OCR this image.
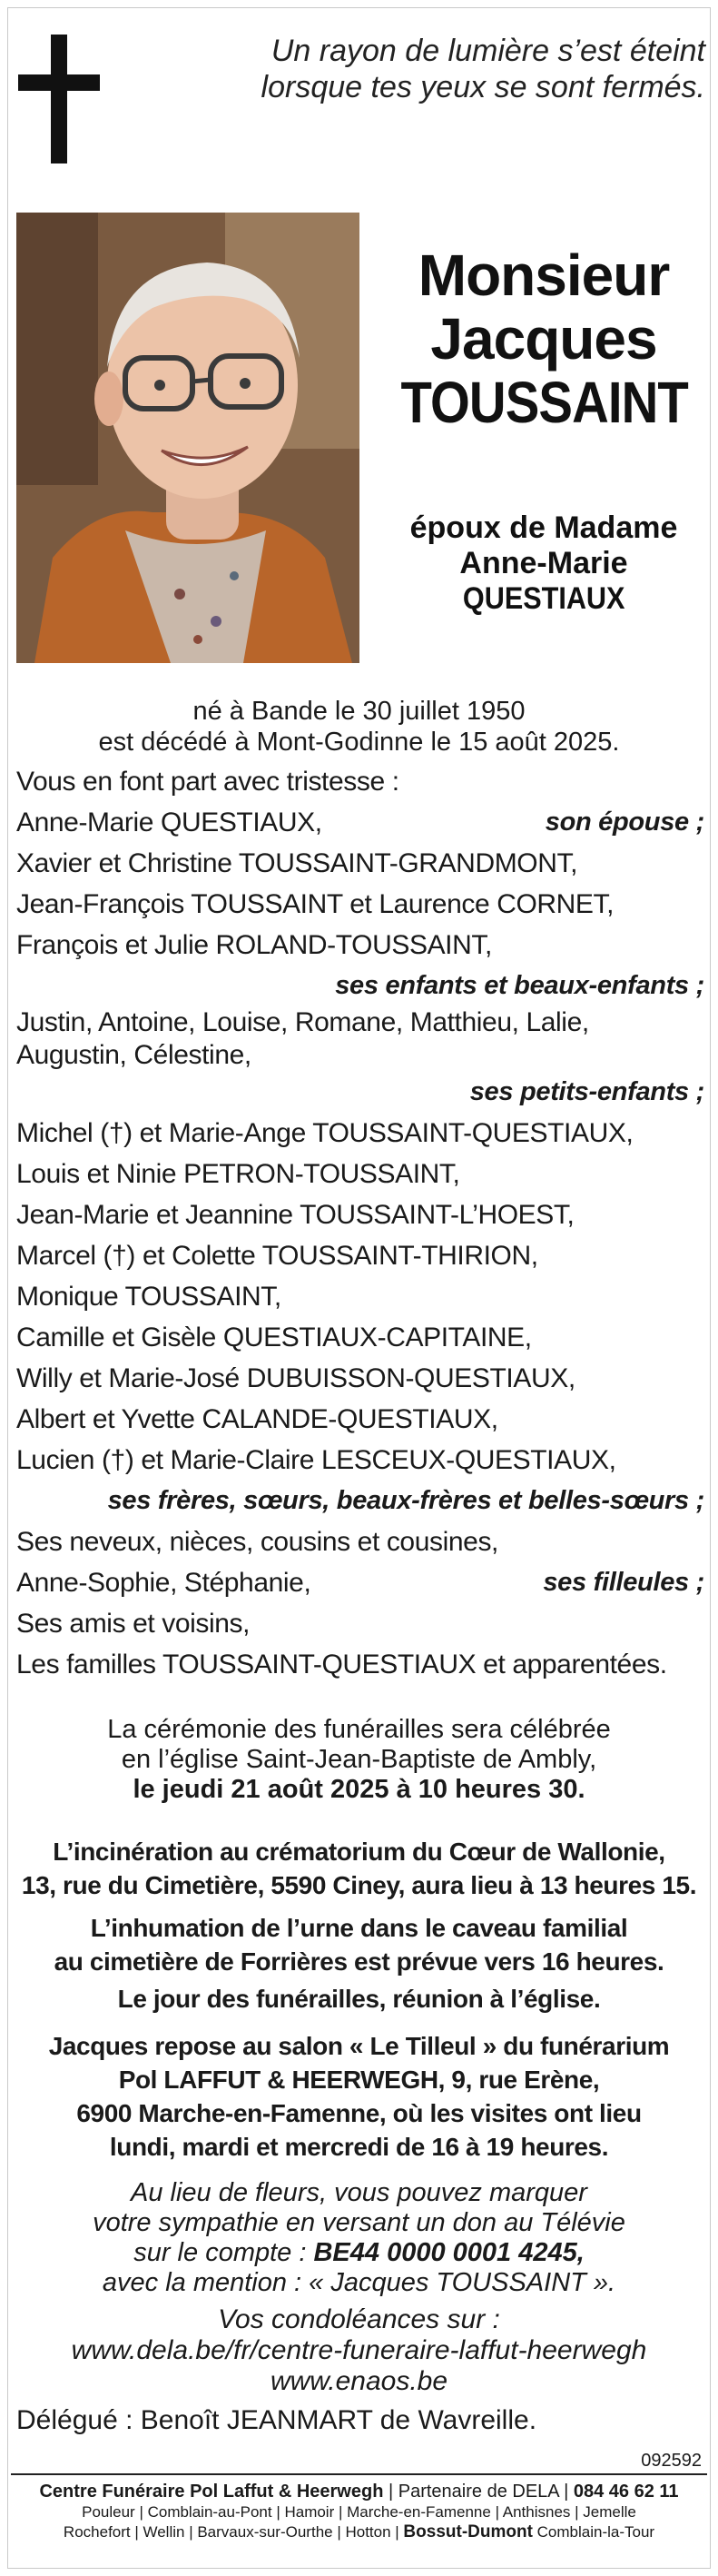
Un rayon de lumière s’est éteint
lorsque tes yeux se sont fermés.
Monsieur
Jacques
TOUSSAINT
époux de Madame
Anne-Marie
QUESTIAUX
né à Bande le 30 juillet 1950
est décédé à Mont-Godinne le 15 août 2025.
Vous en font part avec tristesse :
Anne-Marie QUESTIAUX,	son épouse ;
Xavier et Christine TOUSSAINT-GRANDMONT,
Jean-François TOUSSAINT et Laurence CORNET,
François et Julie ROLAND-TOUSSAINT,
ses enfants et beaux-enfants ;
Justin, Antoine, Louise, Romane, Matthieu, Lalie,
Augustin, Célestine,
ses petits-enfants ;
Michel (†) et Marie-Ange TOUSSAINT-QUESTIAUX,
Louis et Ninie PETRON-TOUSSAINT,
Jean-Marie et Jeannine TOUSSAINT-L’HOEST,
Marcel (†) et Colette TOUSSAINT-THIRION,
Monique TOUSSAINT,
Camille et Gisèle QUESTIAUX-CAPITAINE,
Willy et Marie-José DUBUISSON-QUESTIAUX,
Albert et Yvette CALANDE-QUESTIAUX,
Lucien (†) et Marie-Claire LESCEUX-QUESTIAUX,
ses frères, sœurs, beaux-frères et belles-sœurs ;
Ses neveux, nièces, cousins et cousines,
Anne-Sophie, Stéphanie,	ses filleules ;
Ses amis et voisins,
Les familles TOUSSAINT-QUESTIAUX et apparentées.
La cérémonie des funérailles sera célébrée
en l’église Saint-Jean-Baptiste de Ambly,
le jeudi 21 août 2025 à 10 heures 30.
L’incinération au crématorium du Cœur de Wallonie,
13, rue du Cimetière, 5590 Ciney, aura lieu à 13 heures 15.
L’inhumation de l’urne dans le caveau familial
au cimetière de Forrières est prévue vers 16 heures.
Le jour des funérailles, réunion à l’église.
Jacques repose au salon « Le Tilleul » du funérarium
Pol LAFFUT & HEERWEGH, 9, rue Erène,
6900 Marche-en-Famenne, où les visites ont lieu
lundi, mardi et mercredi de 16 à 19 heures.
Au lieu de fleurs, vous pouvez marquer
votre sympathie en versant un don au Télévie
sur le compte : BE44 0000 0001 4245,
avec la mention : « Jacques TOUSSAINT ».
Vos condoléances sur :
www.dela.be/fr/centre-funeraire-laffut-heerwegh
www.enaos.be
Délégué : Benoît JEANMART de Wavreille.
092592
Centre Funéraire Pol Laffut & Heerwegh | Partenaire de DELA | 084 46 62 11
Pouleur | Comblain-au-Pont | Hamoir | Marche-en-Famenne | Anthisnes | Jemelle
Rochefort | Wellin | Barvaux-sur-Ourthe | Hotton | Bossut-Dumont Comblain-la-Tour
